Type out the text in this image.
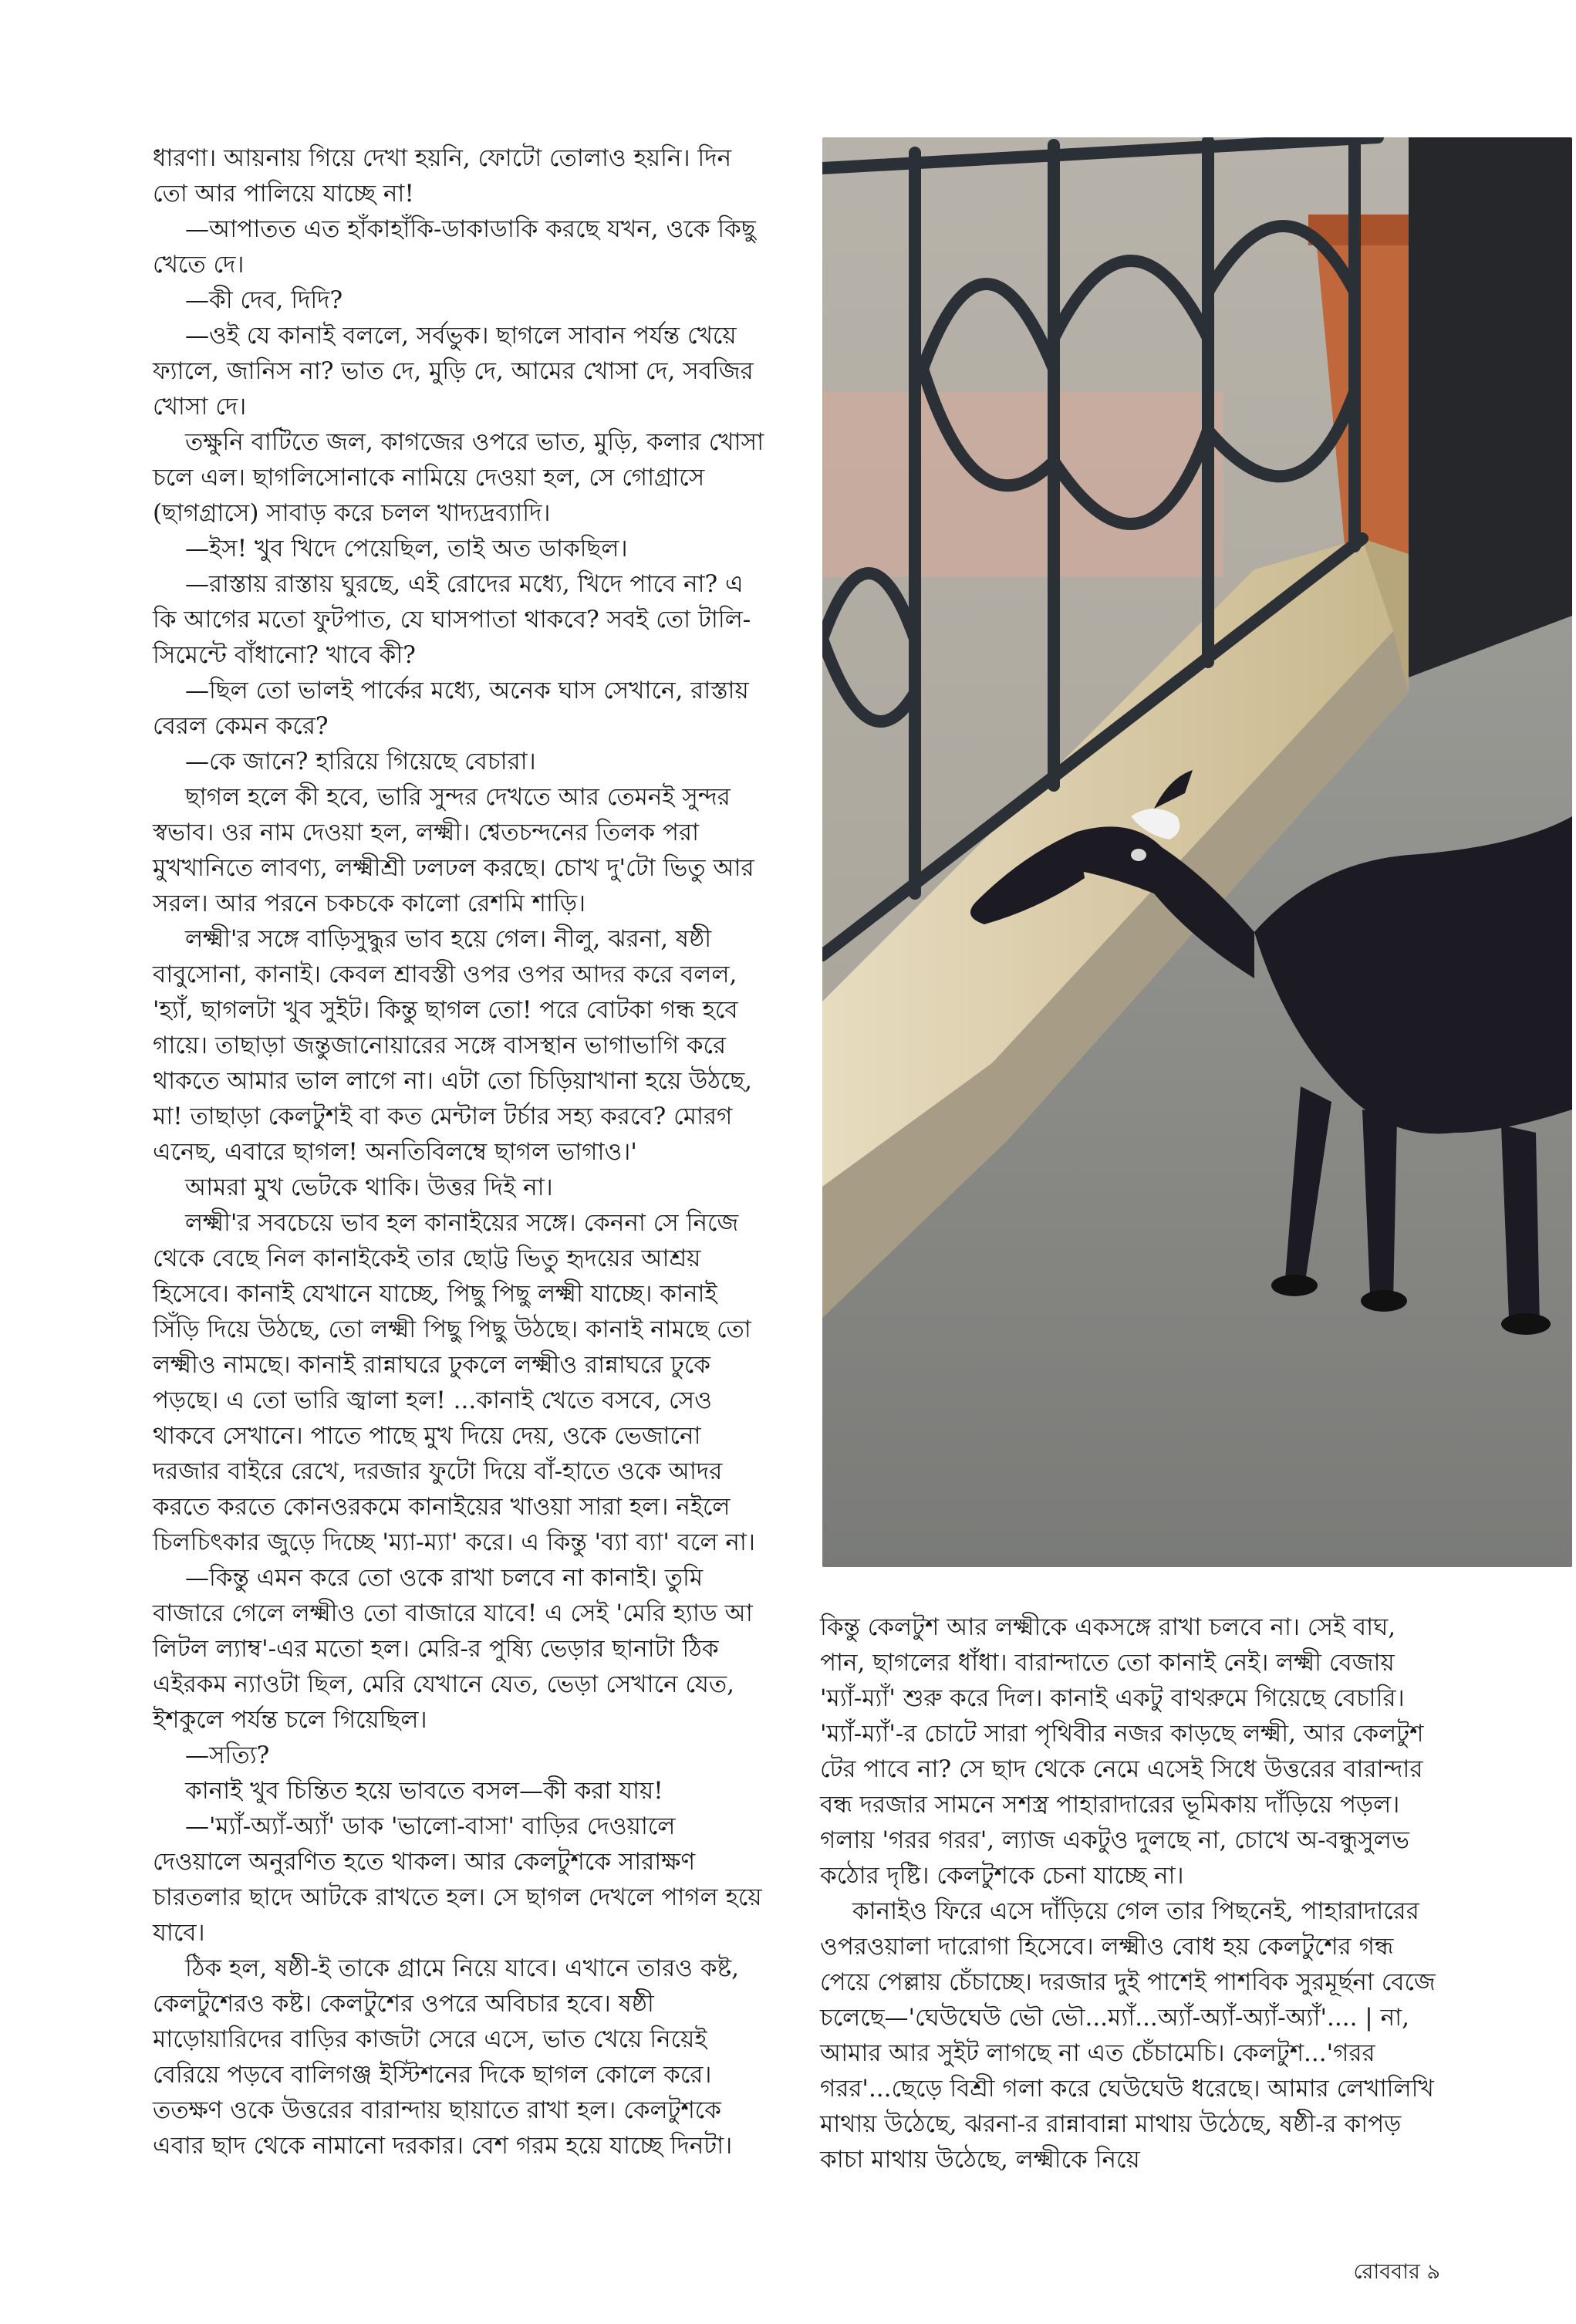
ধারণা। আয়নায় গিয়ে দেখা হয়নি, ফোটো তোলাও হয়নি। দিন তো আর পালিয়ে যাচ্ছে না!

—আপাতত এত হাঁকাহাঁকি-ডাকাডাকি করছে যখন, ওকে কিছু খেতে দে।

—কী দেব, দিদি?

—ওই যে কানাই বললে, সর্বভুক। ছাগলে সাবান পর্যন্ত খেয়ে ফ্যালে, জানিস না? ভাত দে, মুড়ি দে, আমের খোসা দে, সবজির খোসা দে।

তক্ষুনি বাটিতে জল, কাগজের ওপরে ভাত, মুড়ি, কলার খোসা চলে এল। ছাগলিসোনাকে নামিয়ে দেওয়া হল, সে গোগ্রাসে (ছাগগ্রাসে) সাবাড় করে চলল খাদ্যদ্রব্যাদি।

—ইস! খুব খিদে পেয়েছিল, তাই অত ডাকছিল।

—রাস্তায় রাস্তায় ঘুরছে, এই রোদের মধ্যে, খিদে পাবে না? এ কি আগের মতো ফুটপাত, যে ঘাসপাতা থাকবে? সবই তো টালি-সিমেন্টে বাঁধানো? খাবে কী?

—ছিল তো ভালই পার্কের মধ্যে, অনেক ঘাস সেখানে, রাস্তায় বেরল কেমন করে?

—কে জানে? হারিয়ে গিয়েছে বেচারা।

ছাগল হলে কী হবে, ভারি সুন্দর দেখতে আর তেমনই সুন্দর স্বভাব। ওর নাম দেওয়া হল, লক্ষ্মী। শ্বেতচন্দনের তিলক পরা মুখখানিতে লাবণ্য, লক্ষ্মীশ্রী ঢলঢল করছে। চোখ দু'টো ভিতু আর সরল। আর পরনে চকচকে কালো রেশমি শাড়ি।

লক্ষ্মী'র সঙ্গে বাড়িসুদ্ধুর ভাব হয়ে গেল। নীলু, ঝরনা, ষষ্ঠী বাবুসোনা, কানাই। কেবল শ্রাবস্তী ওপর ওপর আদর করে বলল, 'হ্যাঁ, ছাগলটা খুব সুইট। কিন্তু ছাগল তো! পরে বোটকা গন্ধ হবে গায়ে। তাছাড়া জন্তুজানোয়ারের সঙ্গে বাসস্থান ভাগাভাগি করে থাকতে আমার ভাল লাগে না। এটা তো চিড়িয়াখানা হয়ে উঠছে, মা! তাছাড়া কেলটুশই বা কত মেন্টাল টর্চার সহ্য করবে? মোরগ এনেছ, এবারে ছাগল! অনতিবিলম্বে ছাগল ভাগাও।'

আমরা মুখ ভেটকে থাকি। উত্তর দিই না।

লক্ষ্মী'র সবচেয়ে ভাব হল কানাইয়ের সঙ্গে। কেননা সে নিজে থেকে বেছে নিল কানাইকেই তার ছোট্ট ভিতু হৃদয়ের আশ্রয় হিসেবে। কানাই যেখানে যাচ্ছে, পিছু পিছু লক্ষ্মী যাচ্ছে। কানাই সিঁড়ি দিয়ে উঠছে, তো লক্ষ্মী পিছু পিছু উঠছে। কানাই নামছে তো লক্ষ্মীও নামছে। কানাই রান্নাঘরে ঢুকলে লক্ষ্মীও রান্নাঘরে ঢুকে পড়ছে। এ তো ভারি জ্বালা হল! ...কানাই খেতে বসবে, সেও থাকবে সেখানে। পাতে পাছে মুখ দিয়ে দেয়, ওকে ভেজানো দরজার বাইরে রেখে, দরজার ফুটো দিয়ে বাঁ-হাতে ওকে আদর করতে করতে কোনওরকমে কানাইয়ের খাওয়া সারা হল। নইলে চিলচিৎকার জুড়ে দিচ্ছে 'ম্যা-ম্যা' করে। এ কিন্তু 'ব্যা ব্যা' বলে না।

—কিন্তু এমন করে তো ওকে রাখা চলবে না কানাই। তুমি বাজারে গেলে লক্ষ্মীও তো বাজারে যাবে! এ সেই 'মেরি হ্যাড আ লিটল ল্যাম্ব'-এর মতো হল। মেরি-র পুষ্যি ভেড়ার ছানাটা ঠিক এইরকম ন্যাওটা ছিল, মেরি যেখানে যেত, ভেড়া সেখানে যেত, ইশকুলে পর্যন্ত চলে গিয়েছিল।

—সত্যি?

কানাই খুব চিন্তিত হয়ে ভাবতে বসল—কী করা যায়!

—'ম্যাঁ-অ্যাঁ-অ্যাঁ' ডাক 'ভালো-বাসা' বাড়ির দেওয়ালে দেওয়ালে অনুরণিত হতে থাকল। আর কেলটুশকে সারাক্ষণ চারতলার ছাদে আটকে রাখতে হল। সে ছাগল দেখলে পাগল হয়ে যাবে।

ঠিক হল, ষষ্ঠী-ই তাকে গ্রামে নিয়ে যাবে। এখানে তারও কষ্ট, কেলটুশেরও কষ্ট। কেলটুশের ওপরে অবিচার হবে। ষষ্ঠী মাড়োয়ারিদের বাড়ির কাজটা সেরে এসে, ভাত খেয়ে নিয়েই বেরিয়ে পড়বে বালিগঞ্জ ইস্টিশনের দিকে ছাগল কোলে করে। ততক্ষণ ওকে উত্তরের বারান্দায় ছায়াতে রাখা হল। কেলটুশকে এবার ছাদ থেকে নামানো দরকার। বেশ গরম হয়ে যাচ্ছে দিনটা।

কিন্তু কেলটুশ আর লক্ষ্মীকে একসঙ্গে রাখা চলবে না। সেই বাঘ, পান, ছাগলের ধাঁধা। বারান্দাতে তো কানাই নেই। লক্ষ্মী বেজায় 'ম্যাঁ-ম্যাঁ' শুরু করে দিল। কানাই একটু বাথরুমে গিয়েছে বেচারি। 'ম্যাঁ-ম্যাঁ'-র চোটে সারা পৃথিবীর নজর কাড়ছে লক্ষ্মী, আর কেলটুশ টের পাবে না? সে ছাদ থেকে নেমে এসেই সিধে উত্তরের বারান্দার বন্ধ দরজার সামনে সশস্ত্র পাহারাদারের ভূমিকায় দাঁড়িয়ে পড়ল। গলায় 'গরর গরর', ল্যাজ একটুও দুলছে না, চোখে অ-বন্ধুসুলভ কঠোর দৃষ্টি। কেলটুশকে চেনা যাচ্ছে না।

কানাইও ফিরে এসে দাঁড়িয়ে গেল তার পিছনেই, পাহারাদারের ওপরওয়ালা দারোগা হিসেবে। লক্ষ্মীও বোধ হয় কেলটুশের গন্ধ পেয়ে পেল্লায় চেঁচাচ্ছে। দরজার দুই পাশেই পাশবিক সুরমূর্ছনা বেজে চলেছে—'ঘেউঘেউ ভৌ ভৌ...ম্যাঁ...অ্যাঁ-অ্যাঁ-অ্যাঁ-অ্যাঁ'.... | না, আমার আর সুইট লাগছে না এত চেঁচামেচি। কেলটুশ...'গরর গরর'...ছেড়ে বিশ্রী গলা করে ঘেউঘেউ ধরেছে। আমার লেখালিখি মাথায় উঠেছে, ঝরনা-র রান্নাবান্না মাথায় উঠেছে, ষষ্ঠী-র কাপড় কাচা মাথায় উঠেছে, লক্ষ্মীকে নিয়ে

রোববার ৯
